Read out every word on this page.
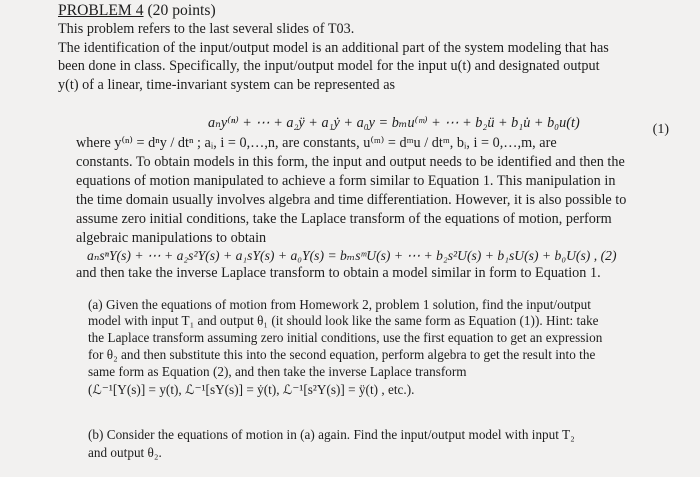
PROBLEM 4 (20 points)
This problem refers to the last several slides of T03.
The identification of the input/output model is an additional part of the system modeling that has
been done in class. Specifically, the input/output model for the input u(t) and designated output
y(t) of a linear, time-invariant system can be represented as
aₙy⁽ⁿ⁾ + ⋯ + a₂ÿ + a₁ẏ + a₀y = bₘu⁽ᵐ⁾ + ⋯ + b₂ü + b₁u̇ + b₀u(t)	(1)
where y⁽ⁿ⁾ = dⁿy / dtⁿ ; aᵢ, i = 0,…,n, are constants, u⁽ᵐ⁾ = dᵐu / dtᵐ, bᵢ, i = 0,…,m, are
constants. To obtain models in this form, the input and output needs to be identified and then the
equations of motion manipulated to achieve a form similar to Equation 1. This manipulation in
the time domain usually involves algebra and time differentiation. However, it is also possible to
assume zero initial conditions, take the Laplace transform of the equations of motion, perform
algebraic manipulations to obtain
aₙsⁿY(s) + ⋯ + a₂s²Y(s) + a₁sY(s) + a₀Y(s) = bₘsᵐU(s) + ⋯ + b₂s²U(s) + b₁sU(s) + b₀U(s) , (2)
and then take the inverse Laplace transform to obtain a model similar in form to Equation 1.
(a) Given the equations of motion from Homework 2, problem 1 solution, find the input/output
model with input T₁ and output θ₁ (it should look like the same form as Equation (1)). Hint: take
the Laplace transform assuming zero initial conditions, use the first equation to get an expression
for θ₂ and then substitute this into the second equation, perform algebra to get the result into the
same form as Equation (2), and then take the inverse Laplace transform
(ℒ⁻¹[Y(s)] = y(t), ℒ⁻¹[sY(s)] = ẏ(t), ℒ⁻¹[s²Y(s)] = ÿ(t) , etc.).
(b) Consider the equations of motion in (a) again. Find the input/output model with input T₂
and output θ₂.
